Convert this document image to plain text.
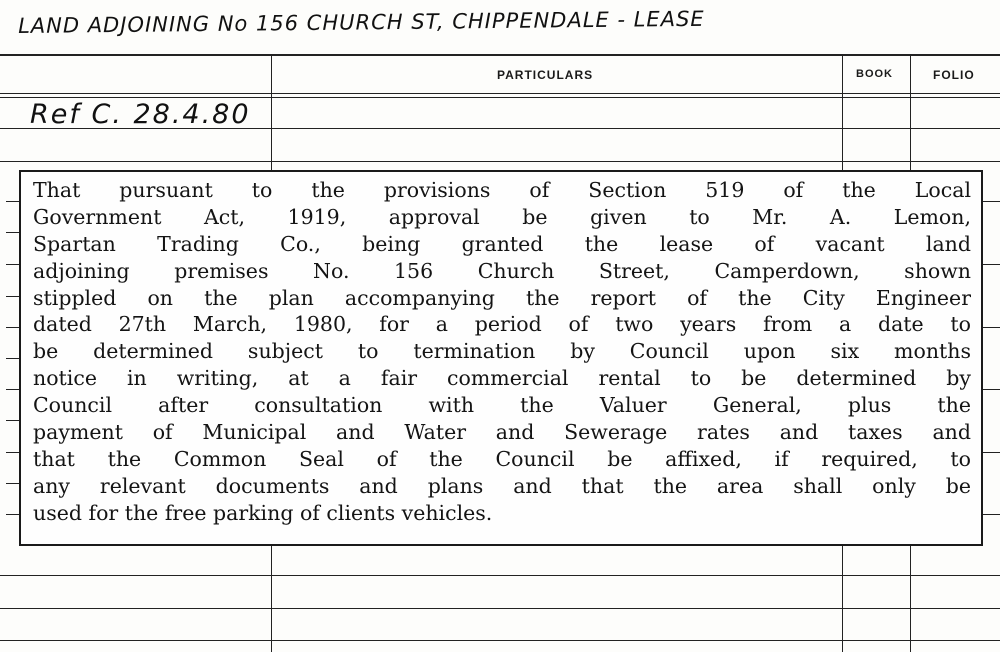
LAND ADJOINING No 156 CHURCH ST, CHIPPENDALE - LEASE
PARTICULARS	BOOK	FOLIO
Ref C. 28.4.80
That pursuant to the provisions of Section 519 of the Local
Government Act, 1919, approval be given to Mr. A. Lemon,
Spartan Trading Co., being granted the lease of vacant land
adjoining premises No. 156 Church Street, Camperdown, shown
stippled on the plan accompanying the report of the City Engineer
dated 27th March, 1980, for a period of two years from a date to
be determined subject to termination by Council upon six months
notice in writing, at a fair commercial rental to be determined by
Council after consultation with the Valuer General, plus the
payment of Municipal and Water and Sewerage rates and taxes and
that the Common Seal of the Council be affixed, if required, to
any relevant documents and plans and that the area shall only be
used for the free parking of clients vehicles.
